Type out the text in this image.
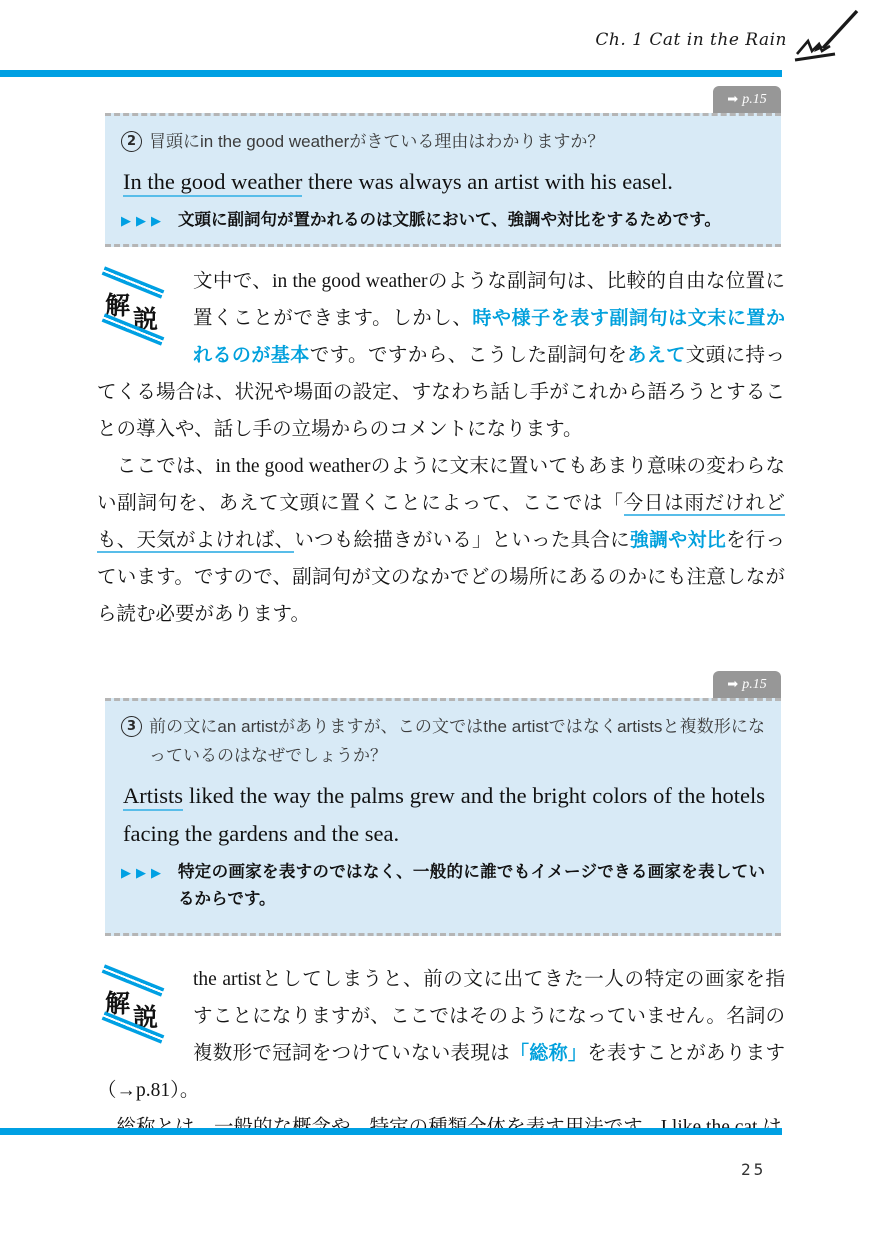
Ch. 1 Cat in the Rain
➡ p.15
2 冒頭にin the good weatherがきている理由はわかりますか？
In the good weather there was always an artist with his easel.
▶▶▶ 文頭に副詞句が置かれるのは文脈において、強調や対比をするためです。
解 説

文中で、in the good weatherのような副詞句は、比較的自由な位置に置くことができます。しかし、時や様子を表す副詞句は文末に置かれるのが基本です。ですから、こうした副詞句をあえて文頭に持ってくる場合は、状況や場面の設定、すなわち話し手がこれから語ろうとすることの導入や、話し手の立場からのコメントになります。

　ここでは、in the good weatherのように文末に置いてもあまり意味の変わらない副詞句を、あえて文頭に置くことによって、ここでは「今日は雨だけれども、天気がよければ、いつも絵描きがいる」といった具合に強調や対比を行っています。ですので、副詞句が文のなかでどの場所にあるのかにも注意しながら読む必要があります。

➡ p.15
3 前の文にan artistがありますが、この文ではthe artistではなくartistsと複数形になっているのはなぜでしょうか？
Artists liked the way the palms grew and the bright colors of the hotels facing the gardens and the sea.
▶▶▶ 特定の画家を表すのではなく、一般的に誰でもイメージできる画家を表しているからです。
解 説

the artistとしてしまうと、前の文に出てきた一人の特定の画家を指すことになりますが、ここではそのようになっていません。名詞の複数形で冠詞をつけていない表現は「総称」を表すことがあります（→p.81）。

25
